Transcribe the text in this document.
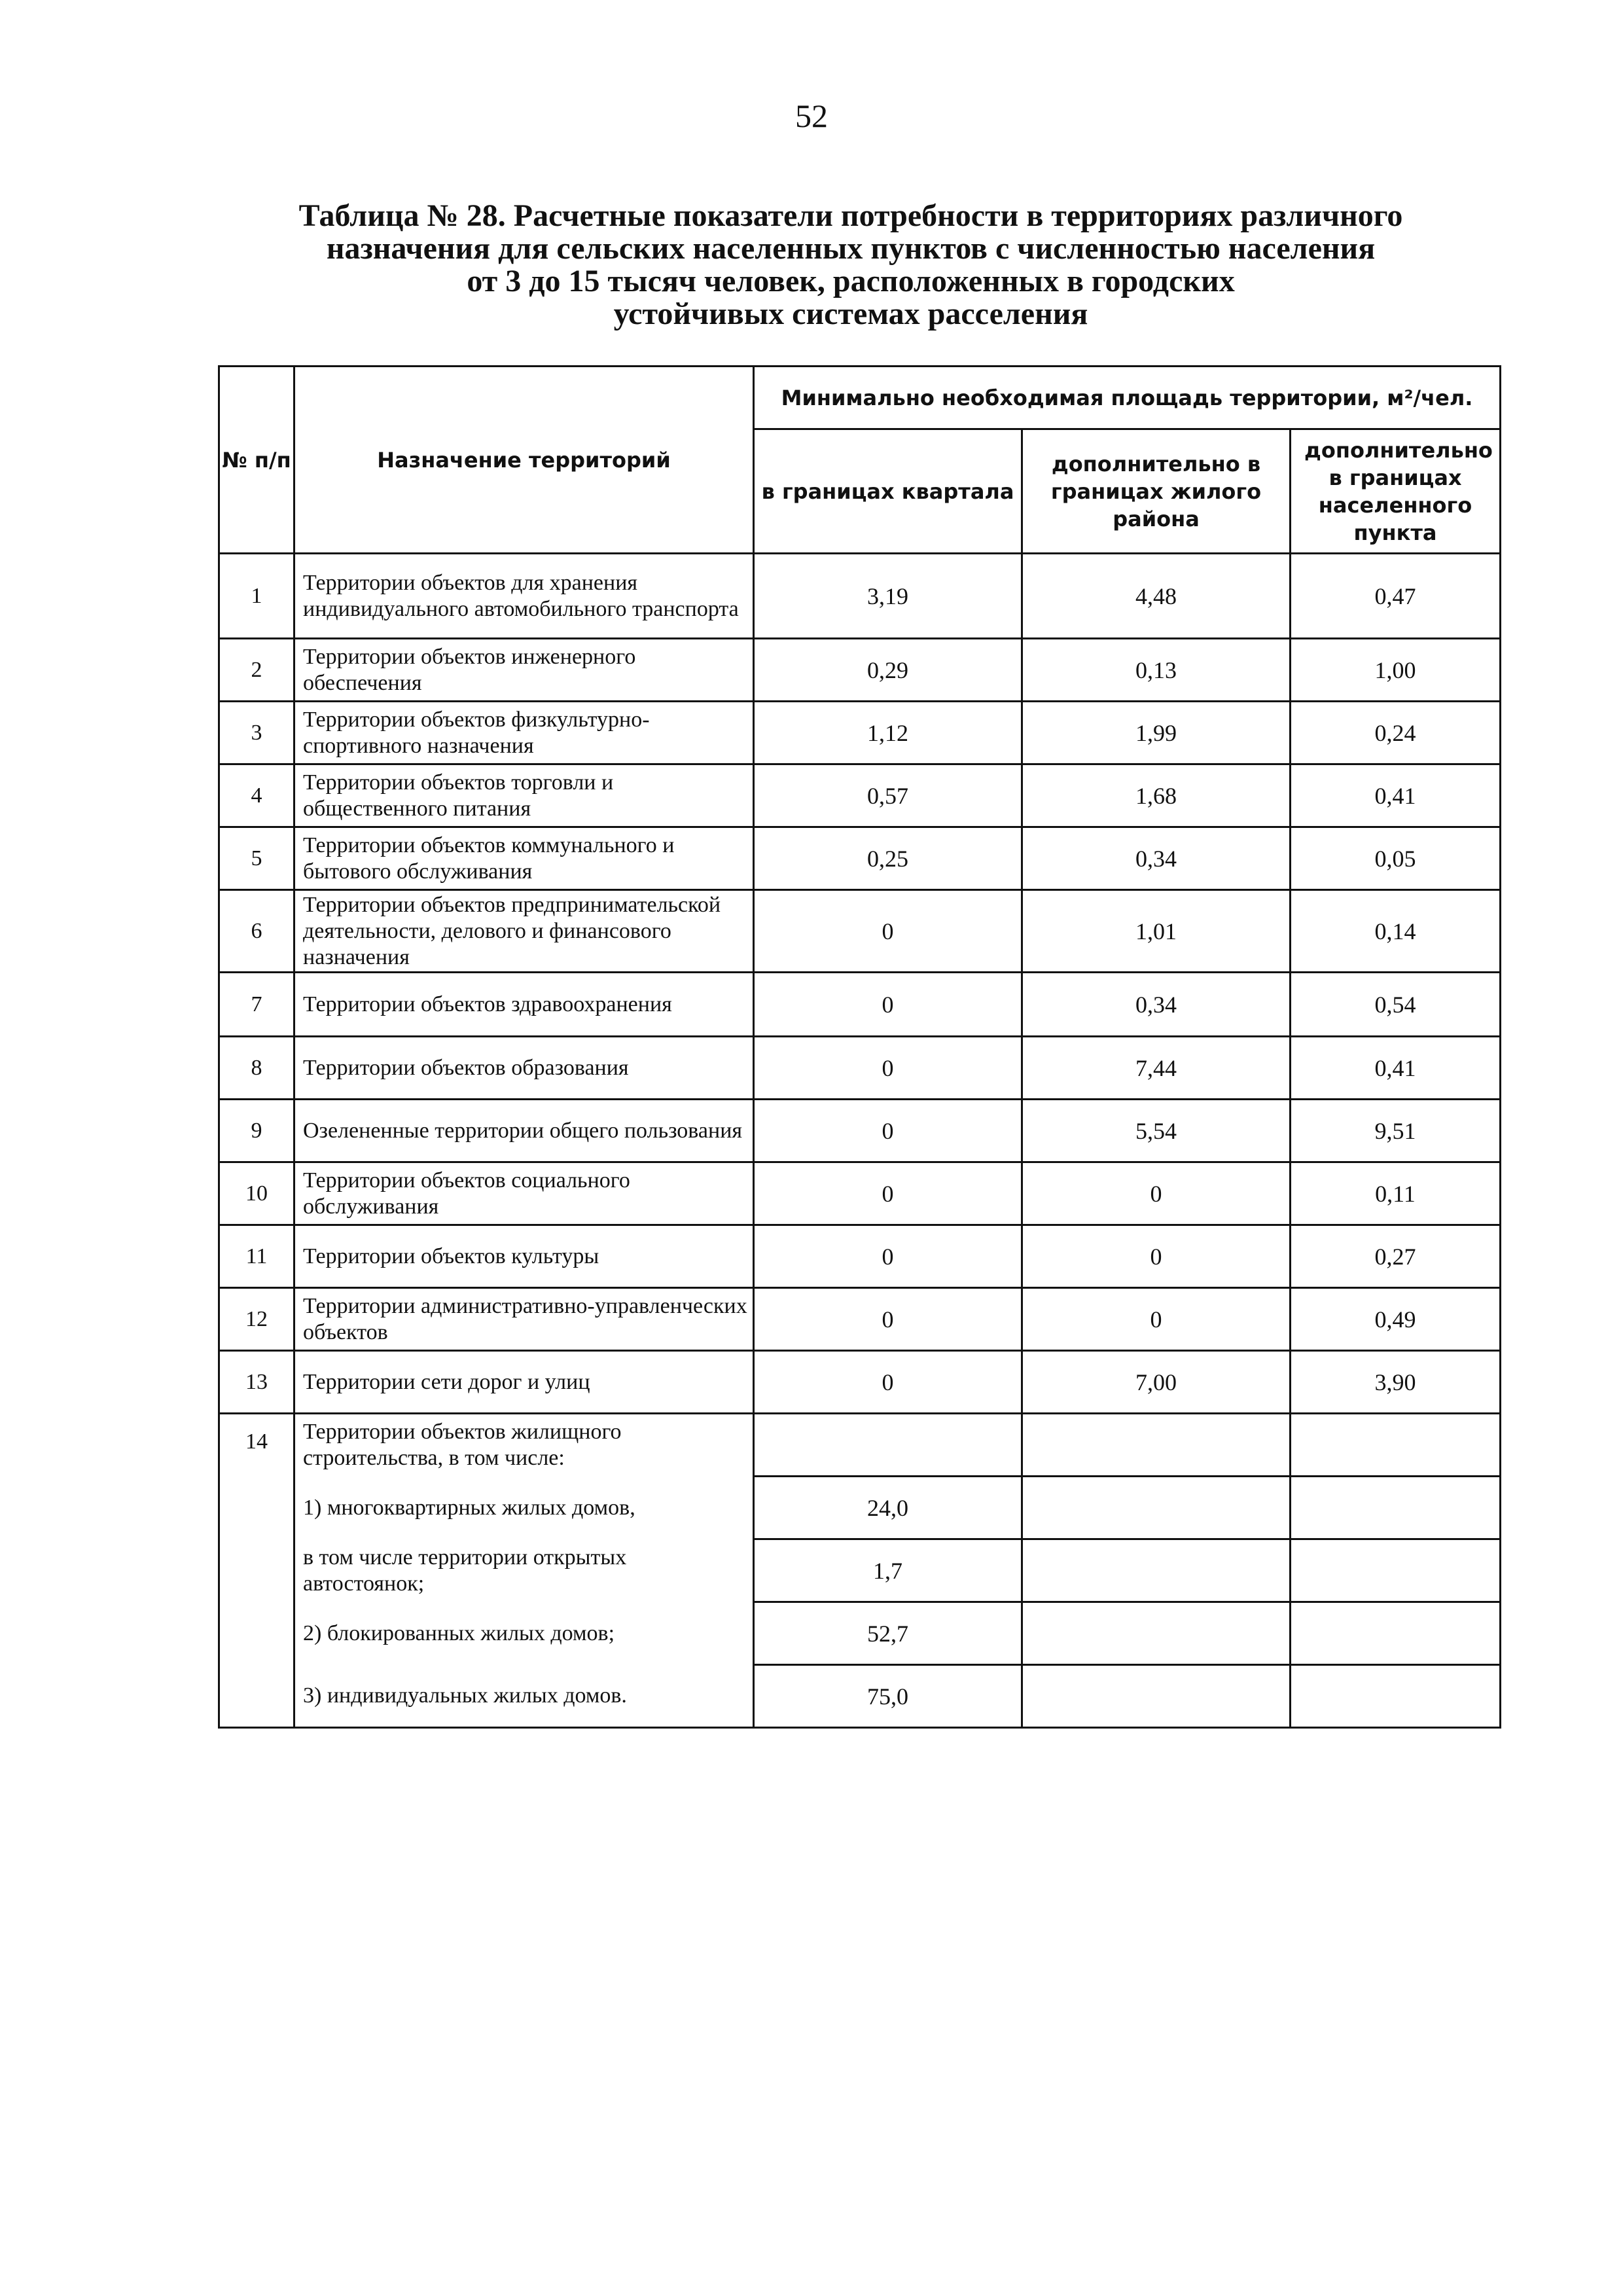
52
Таблица № 28. Расчетные показатели потребности в территориях различного
назначения для сельских населенных пунктов с численностью населения
от 3 до 15 тысяч человек, расположенных в городских
устойчивых системах расселения
№ п/п	Назначение территорий	Минимально необходимая площадь территории, м²/чел.		
		в границах квартала	дополнительно в границах жилого района	дополнительно в границах населенного пункта
1	Территории объектов для хранения индивидуального автомобильного транспорта	3,19	4,48	0,47
2	Территории объектов инженерного обеспечения	0,29	0,13	1,00
3	Территории объектов физкультурно-спортивного назначения	1,12	1,99	0,24
4	Территории объектов торговли и общественного питания	0,57	1,68	0,41
5	Территории объектов коммунального и бытового обслуживания	0,25	0,34	0,05
6	Территории объектов предпринимательской деятельности, делового и финансового назначения	0	1,01	0,14
7	Территории объектов здравоохранения	0	0,34	0,54
8	Территории объектов образования	0	7,44	0,41
9	Озелененные территории общего пользования	0	5,54	9,51
10	Территории объектов социального обслуживания	0	0	0,11
11	Территории объектов культуры	0	0	0,27
12	Территории административно-управленческих объектов	0	0	0,49
13	Территории сети дорог и улиц	0	7,00	3,90
14	Территории объектов жилищного строительства, в том числе:			
	1) многоквартирных жилых домов,	24,0		
	в том числе территории открытых автостоянок;	1,7		
	2) блокированных жилых домов;	52,7		
	3) индивидуальных жилых домов.	75,0		
